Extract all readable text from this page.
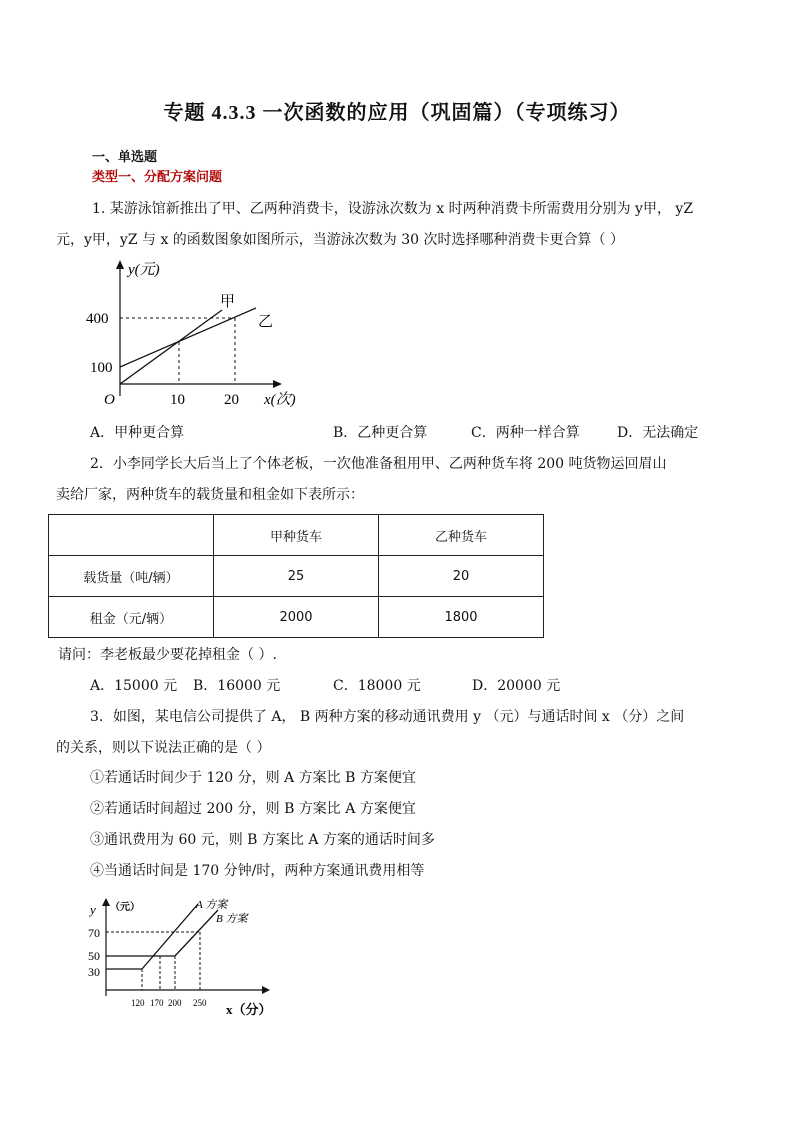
专题 4.3.3 一次函数的应用（巩固篇）（专项练习）
一、单选题
类型一、分配方案问题
1. 某游泳馆新推出了甲、乙两种消费卡，设游泳次数为 x 时两种消费卡所需费用分别为 y甲， yZ
元，y甲，yZ 与 x 的函数图象如图所示，当游泳次数为 30 次时选择哪种消费卡更合算（ ）
y(元)
400
100
O	10	20 x(次)
甲
乙
A．甲种更合算	B．乙种更合算	C．两种一样合算	D．无法确定
2．小李同学长大后当上了个体老板，一次他准备租用甲、乙两种货车将 200 吨货物运回眉山
卖给厂家，两种货车的载货量和租金如下表所示：
	甲种货车	乙种货车
载货量（吨/辆）	25	20
租金（元/辆）	2000	1800
请问：李老板最少要花掉租金（ ）.
A．15000 元 B．16000 元	C．18000 元	D．20000 元
3．如图，某电信公司提供了 A， B 两种方案的移动通讯费用 y （元）与通话时间 x （分）之间
的关系，则以下说法正确的是（ ）
①若通话时间少于 120 分，则 A 方案比 B 方案便宜
②若通话时间超过 200 分，则 B 方案比 A 方案便宜
③通讯费用为 60 元，则 B 方案比 A 方案的通话时间多
④当通话时间是 170 分钟/时，两种方案通讯费用相等
y （元）
70
50
30
120 170 200 250 x（分）
A 方案
B 方案
